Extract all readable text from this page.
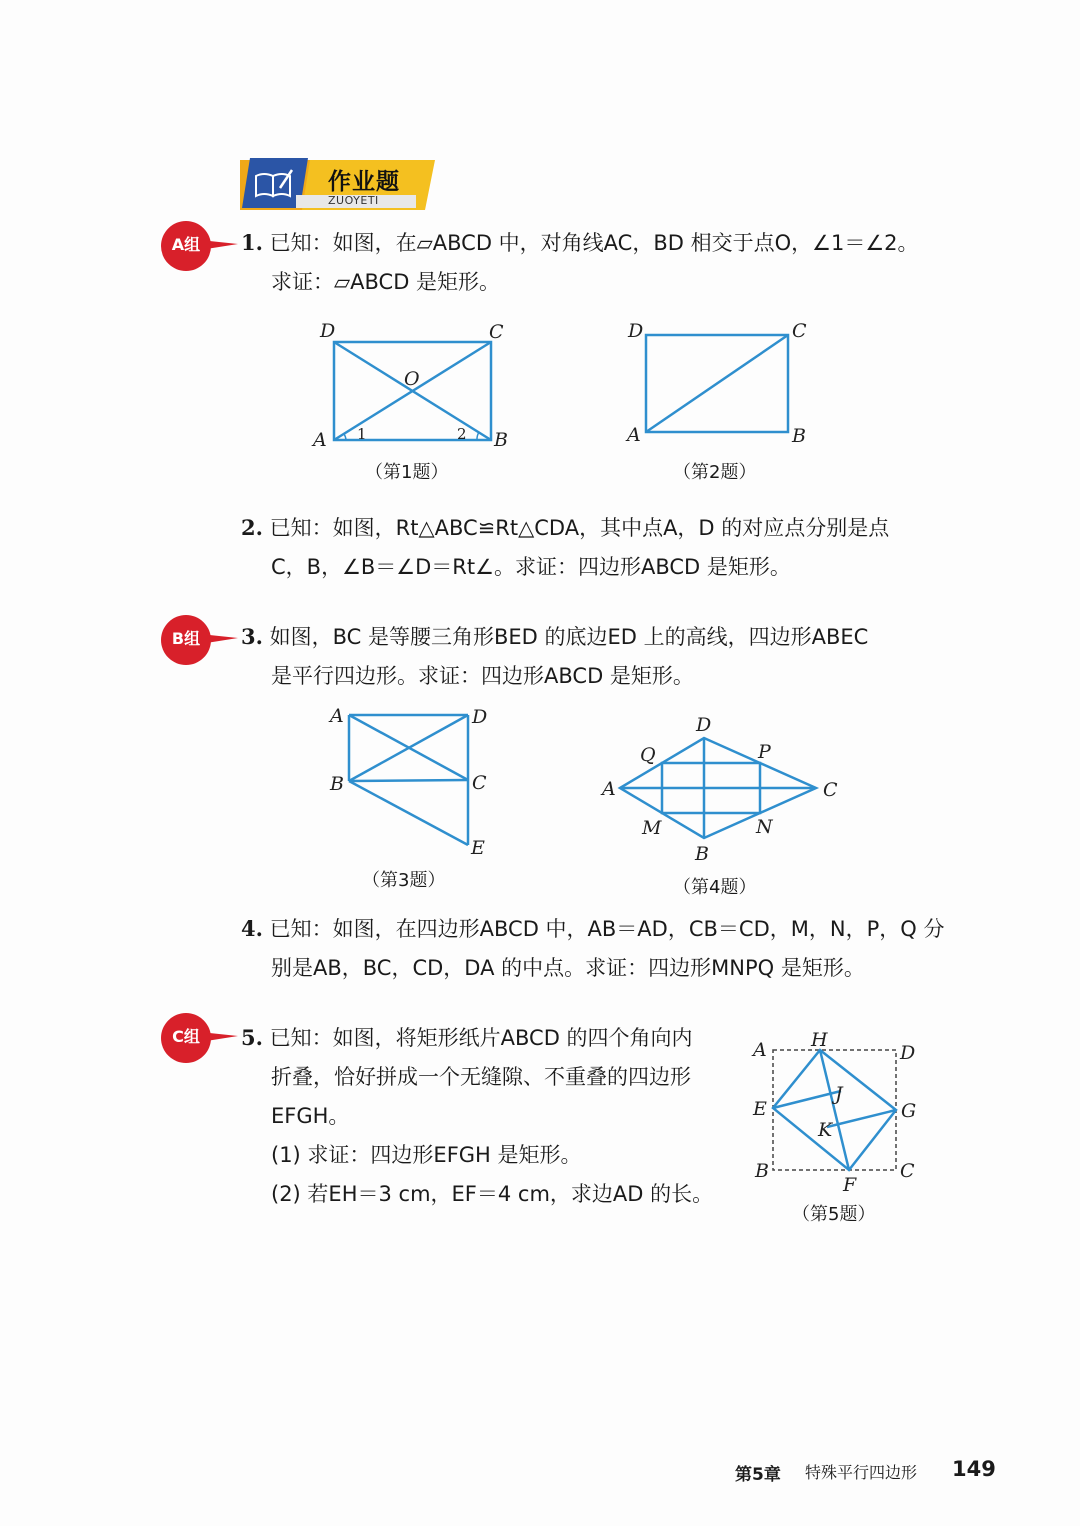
作业题
ZUOYETI
A组	1. 已知：如图，在▱ABCD 中，对角线AC，BD 相交于点O，∠1＝∠2。
求证：▱ABCD 是矩形。
D	C
A	B
O
1	2
（第1题）
D	C
A	B
（第2题）
2. 已知：如图，Rt△ABC≌Rt△CDA，其中点A，D 的对应点分别是点
C，B，∠B＝∠D＝Rt∠。求证：四边形ABCD 是矩形。
B组	3. 如图，BC 是等腰三角形BED 的底边ED 上的高线，四边形ABEC
是平行四边形。求证：四边形ABCD 是矩形。
A	D
B	C
E
（第3题）
A
D
C
B
Q	P
M	N
（第4题）
4. 已知：如图，在四边形ABCD 中，AB＝AD，CB＝CD，M，N，P，Q 分
别是AB，BC，CD，DA 的中点。求证：四边形MNPQ 是矩形。
C组	5. 已知：如图，将矩形纸片ABCD 的四个角向内
折叠，恰好拼成一个无缝隙、不重叠的四边形
EFGH。
(1) 求证：四边形EFGH 是矩形。
(2) 若EH＝3 cm，EF＝4 cm，求边AD 的长。
A H
D
E	G
J
K
B	C
F
（第5题）
第5章 特殊平行四边形 149
